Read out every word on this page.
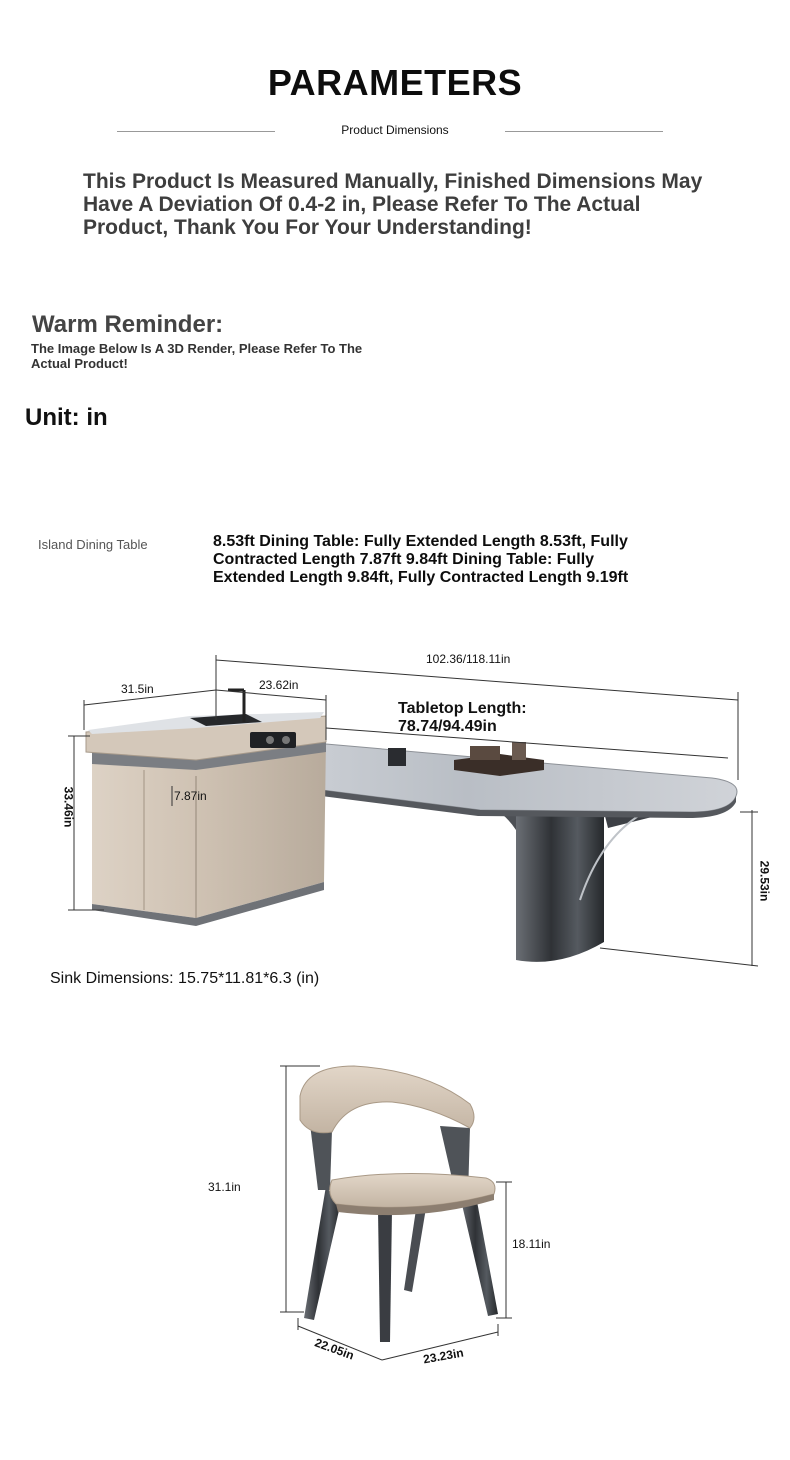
PARAMETERS
Product Dimensions
This Product Is Measured Manually, Finished Dimensions May Have A Deviation Of 0.4-2 in, Please Refer To The Actual Product, Thank You For Your Understanding!
Warm Reminder:
The Image Below Is A 3D Render, Please Refer To The Actual Product!
Unit: in
Island Dining Table	8.53ft Dining Table: Fully Extended Length 8.53ft, Fully Contracted Length 7.87ft 9.84ft Dining Table: Fully Extended Length 9.84ft, Fully Contracted Length 9.19ft
102.36/118.11in
31.5in	23.62in
Tabletop Length:
78.74/94.49in
33.46in	7.87in
29.53in
Sink Dimensions: 15.75*11.81*6.3 (in)
31.1in
18.11in
22.05in	23.23in
